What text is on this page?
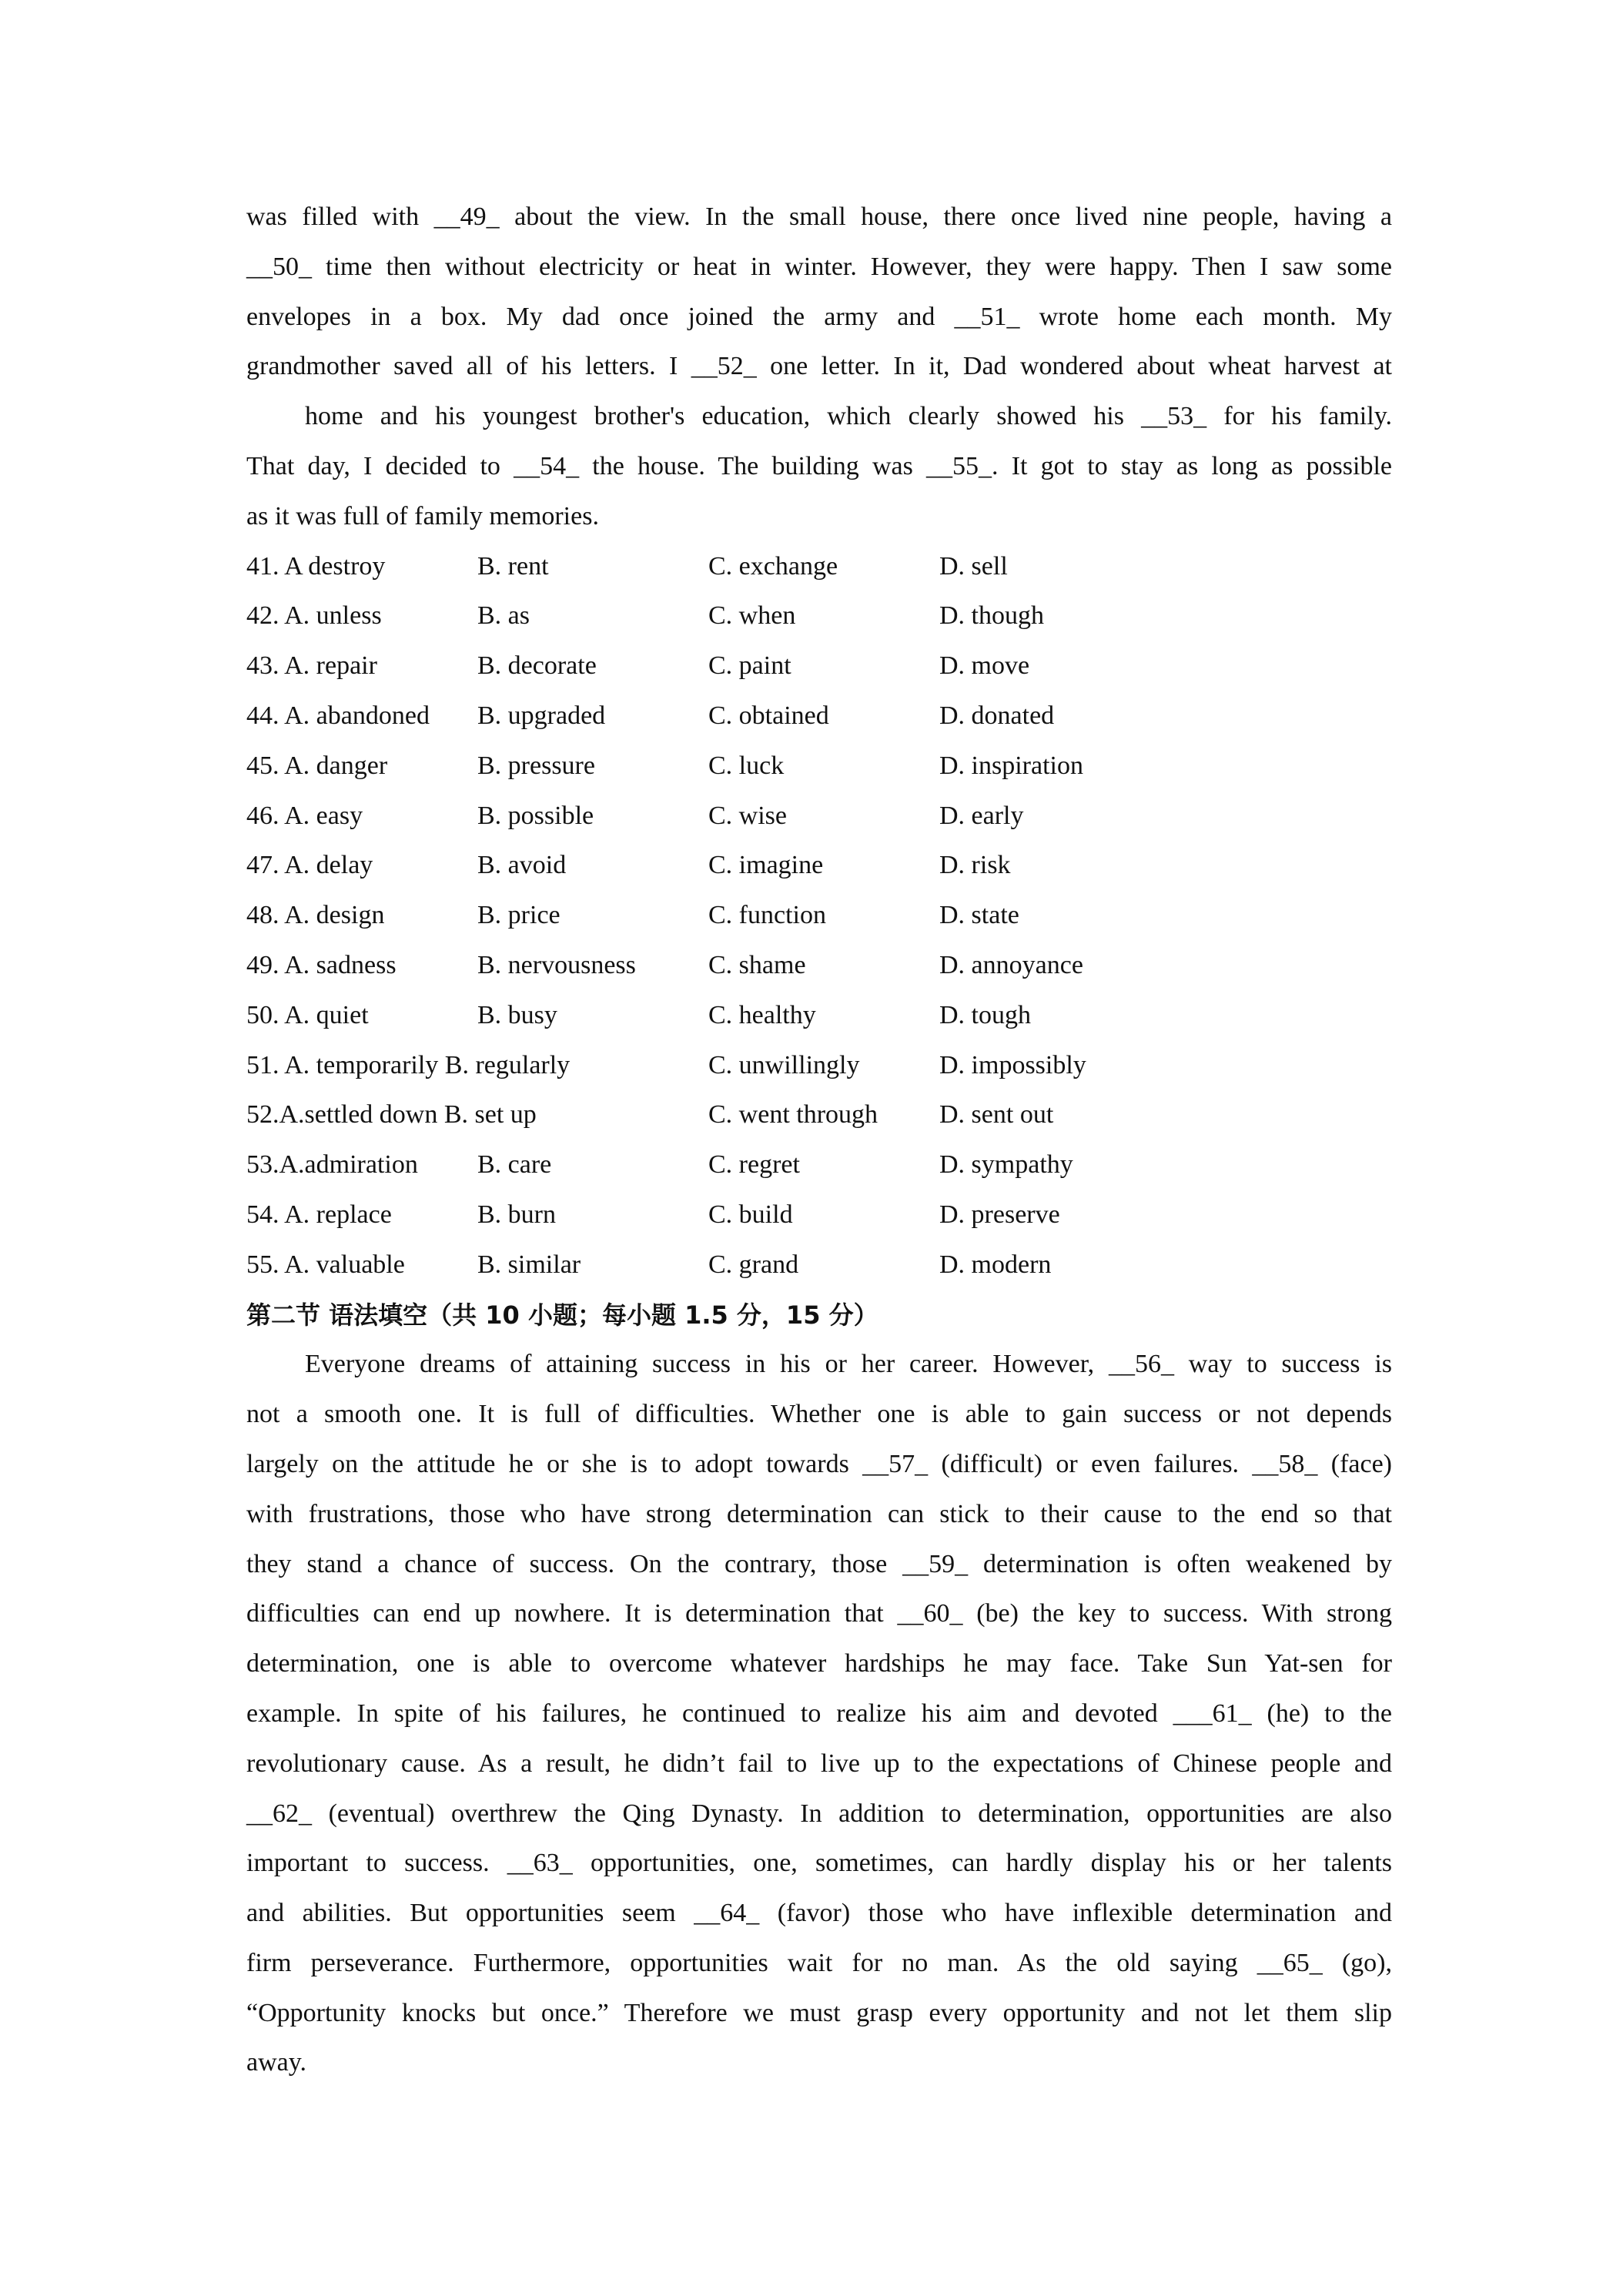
was filled with __49_ about the view. In the small house, there once lived nine people, having a
__50_ time then without electricity or heat in winter. However, they were happy. Then I saw some
envelopes in a box. My dad once joined the army and __51_ wrote home each month. My
grandmother saved all of his letters. I __52_ one letter. In it, Dad wondered about wheat harvest at
home and his youngest brother's education, which clearly showed his __53_ for his family.
That day, I decided to __54_ the house. The building was __55_. It got to stay as long as possible
as it was full of family memories.
41. A destroy	B. rent	C. exchange	D. sell
42. A. unless	B. as	C. when	D. though
43. A. repair	B. decorate	C. paint	D. move
44. A. abandoned B. upgraded	C. obtained	D. donated
45. A. danger	B. pressure	C. luck	D. inspiration
46. A. easy	B. possible	C. wise	D. early
47. A. delay	B. avoid	C. imagine	D. risk
48. A. design	B. price	C. function	D. state
49. A. sadness	B. nervousness	C. shame	D. annoyance
50. A. quiet	B. busy	C. healthy	D. tough
51. A. temporarily B. regularly	C. unwillingly	D. impossibly
52.A.settled down B. set up	C. went through D. sent out
53.A.admiration B. care	C. regret	D. sympathy
54. A. replace	B. burn	C. build	D. preserve
55. A. valuable	B. similar	C. grand	D. modern
第二节 语法填空（共 10 小题；每小题 1.5 分，15 分）
Everyone dreams of attaining success in his or her career. However, __56_ way to success is
not a smooth one. It is full of difficulties. Whether one is able to gain success or not depends
largely on the attitude he or she is to adopt towards __57_ (difficult) or even failures. __58_ (face)
with frustrations, those who have strong determination can stick to their cause to the end so that
they stand a chance of success. On the contrary, those __59_ determination is often weakened by
difficulties can end up nowhere. It is determination that __60_ (be) the key to success. With strong
determination, one is able to overcome whatever hardships he may face. Take Sun Yat-sen for
example. In spite of his failures, he continued to realize his aim and devoted ___61_ (he) to the
revolutionary cause. As a result, he didn’t fail to live up to the expectations of Chinese people and
__62_ (eventual) overthrew the Qing Dynasty. In addition to determination, opportunities are also
important to success. __63_ opportunities, one, sometimes, can hardly display his or her talents
and abilities. But opportunities seem __64_ (favor) those who have inflexible determination and
firm perseverance. Furthermore, opportunities wait for no man. As the old saying __65_ (go),
“Opportunity knocks but once.” Therefore we must grasp every opportunity and not let them slip
away.
